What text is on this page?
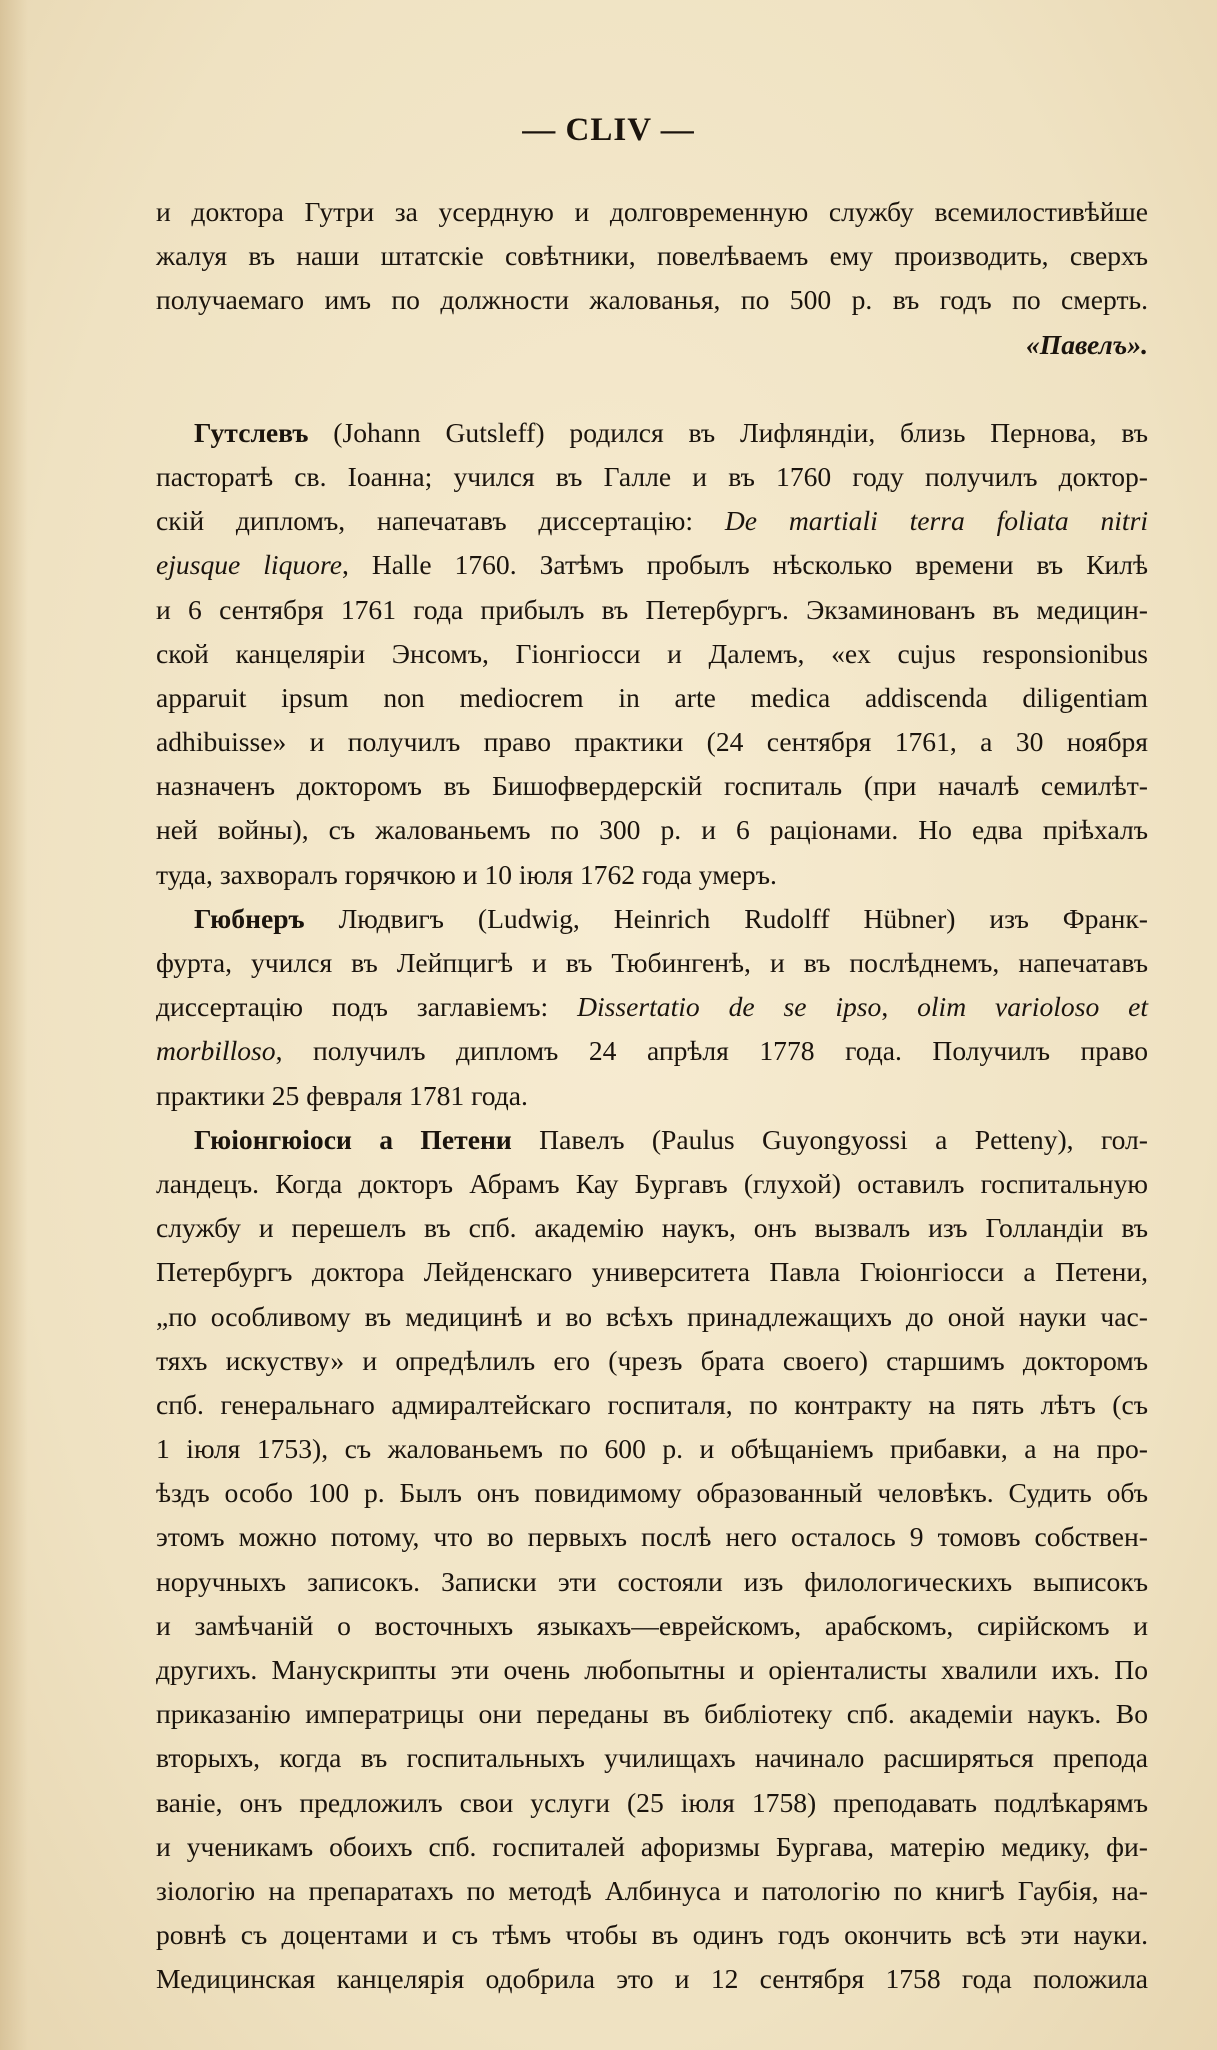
— CLIV —
и доктора Гутри за усердную и долговременную службу всемилостивѣйше
жалуя въ наши штатскіе совѣтники, повелѣваемъ ему производить, сверхъ
получаемаго имъ по должности жалованья, по 500 р. въ годъ по смерть.
«Павелъ».
Гутслевъ (Johann Gutsleff) родился въ Лифляндіи, близь Пернова, въ
пасторатѣ св. Іоанна; учился въ Галле и въ 1760 году получилъ доктор-
скій дипломъ, напечатавъ диссертацію: De martiali terra foliata nitri
ejusque liquore, Halle 1760. Затѣмъ пробылъ нѣсколько времени въ Килѣ
и 6 сентября 1761 года прибылъ въ Петербургъ. Экзаминованъ въ медицин-
ской канцеляріи Энсомъ, Гіонгіосси и Далемъ, «ex cujus responsionibus
apparuit ipsum non mediocrem in arte medica addiscenda diligentiam
adhibuisse» и получилъ право практики (24 сентября 1761, а 30 ноября
назначенъ докторомъ въ Бишофвердерскій госпиталь (при началѣ семилѣт-
ней войны), съ жалованьемъ по 300 р. и 6 раціонами. Но едва пріѣхалъ
туда, захворалъ горячкою и 10 іюля 1762 года умеръ.
Гюбнеръ Людвигъ (Ludwig, Heinrich Rudolff Hübner) изъ Франк-
фурта, учился въ Лейпцигѣ и въ Тюбингенѣ, и въ послѣднемъ, напечатавъ
диссертацію подъ заглавіемъ: Dissertatio de se ipso, olim varioloso et
morbilloso, получилъ дипломъ 24 апрѣля 1778 года. Получилъ право
практики 25 февраля 1781 года.
Гюіонгюіоси а Петени Павелъ (Paulus Guyongyossi a Petteny), гол-
ландецъ. Когда докторъ Абрамъ Кау Бургавъ (глухой) оставилъ госпитальную
службу и перешелъ въ спб. академію наукъ, онъ вызвалъ изъ Голландіи въ
Петербургъ доктора Лейденскаго университета Павла Гюіонгіосси а Петени,
„по особливому въ медицинѣ и во всѣхъ принадлежащихъ до оной науки час-
тяхъ искуству» и опредѣлилъ его (чрезъ брата своего) старшимъ докторомъ
спб. генеральнаго адмиралтейскаго госпиталя, по контракту на пять лѣтъ (съ
1 іюля 1753), съ жалованьемъ по 600 р. и обѣщаніемъ прибавки, а на про-
ѣздъ особо 100 р. Былъ онъ повидимому образованный человѣкъ. Судить объ
этомъ можно потому, что во первыхъ послѣ него осталось 9 томовъ собствен-
норучныхъ записокъ. Записки эти состояли изъ филологическихъ выписокъ
и замѣчаній о восточныхъ языкахъ—еврейскомъ, арабскомъ, сирійскомъ и
другихъ. Манускрипты эти очень любопытны и оріенталисты хвалили ихъ. По
приказанію императрицы они переданы въ библіотеку спб. академіи наукъ. Во
вторыхъ, когда въ госпитальныхъ училищахъ начинало расширяться препода
ваніе, онъ предложилъ свои услуги (25 іюля 1758) преподавать подлѣкарямъ
и ученикамъ обоихъ спб. госпиталей афоризмы Бургава, матерію медику, фи-
зіологію на препаратахъ по методѣ Албинуса и патологію по книгѣ Гаубія, на-
ровнѣ съ доцентами и съ тѣмъ чтобы въ одинъ годъ окончить всѣ эти науки.
Медицинская канцелярія одобрила это и 12 сентября 1758 года положила
